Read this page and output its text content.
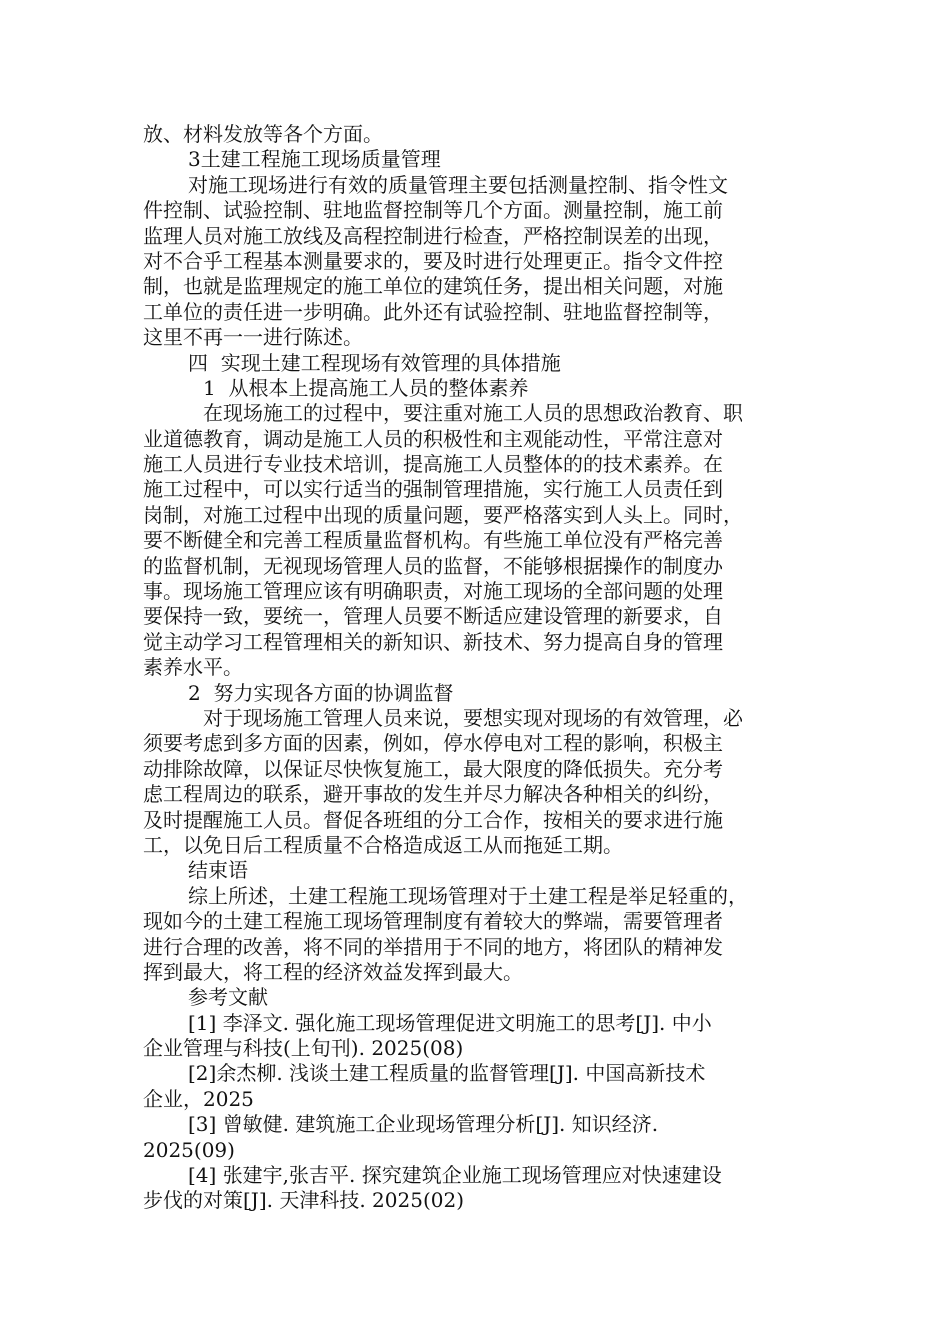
放、材料发放等各个方面。
3土建工程施工现场质量管理
对施工现场进行有效的质量管理主要包括测量控制、指令性文
件控制、试验控制、驻地监督控制等几个方面。测量控制，施工前
监理人员对施工放线及高程控制进行检查，严格控制误差的出现，
对不合乎工程基本测量要求的，要及时进行处理更正。指令文件控
制，也就是监理规定的施工单位的建筑任务，提出相关问题，对施
工单位的责任进一步明确。此外还有试验控制、驻地监督控制等，
这里不再一一进行陈述。
四  实现土建工程现场有效管理的具体措施
1  从根本上提高施工人员的整体素养
在现场施工的过程中，要注重对施工人员的思想政治教育、职
业道德教育，调动是施工人员的积极性和主观能动性，平常注意对
施工人员进行专业技术培训，提高施工人员整体的的技术素养。在
施工过程中，可以实行适当的强制管理措施，实行施工人员责任到
岗制，对施工过程中出现的质量问题，要严格落实到人头上。同时，
要不断健全和完善工程质量监督机构。有些施工单位没有严格完善
的监督机制，无视现场管理人员的监督，不能够根据操作的制度办
事。现场施工管理应该有明确职责，对施工现场的全部问题的处理
要保持一致，要统一，管理人员要不断适应建设管理的新要求，自
觉主动学习工程管理相关的新知识、新技术、努力提高自身的管理
素养水平。
2  努力实现各方面的协调监督
对于现场施工管理人员来说，要想实现对现场的有效管理，必
须要考虑到多方面的因素，例如，停水停电对工程的影响，积极主
动排除故障，以保证尽快恢复施工，最大限度的降低损失。充分考
虑工程周边的联系，避开事故的发生并尽力解决各种相关的纠纷，
及时提醒施工人员。督促各班组的分工合作，按相关的要求进行施
工，以免日后工程质量不合格造成返工从而拖延工期。
结束语
综上所述，土建工程施工现场管理对于土建工程是举足轻重的，
现如今的土建工程施工现场管理制度有着较大的弊端，需要管理者
进行合理的改善，将不同的举措用于不同的地方，将团队的精神发
挥到最大，将工程的经济效益发挥到最大。
参考文献
[1] 李泽文. 强化施工现场管理促进文明施工的思考[J]. 中小
企业管理与科技(上旬刊). 2025(08)
[2]余杰柳. 浅谈土建工程质量的监督管理[J]. 中国高新技术
企业，2025
[3] 曾敏健. 建筑施工企业现场管理分析[J]. 知识经济.
2025(09)
[4] 张建宇,张吉平. 探究建筑企业施工现场管理应对快速建设
步伐的对策[J]. 天津科技. 2025(02)
